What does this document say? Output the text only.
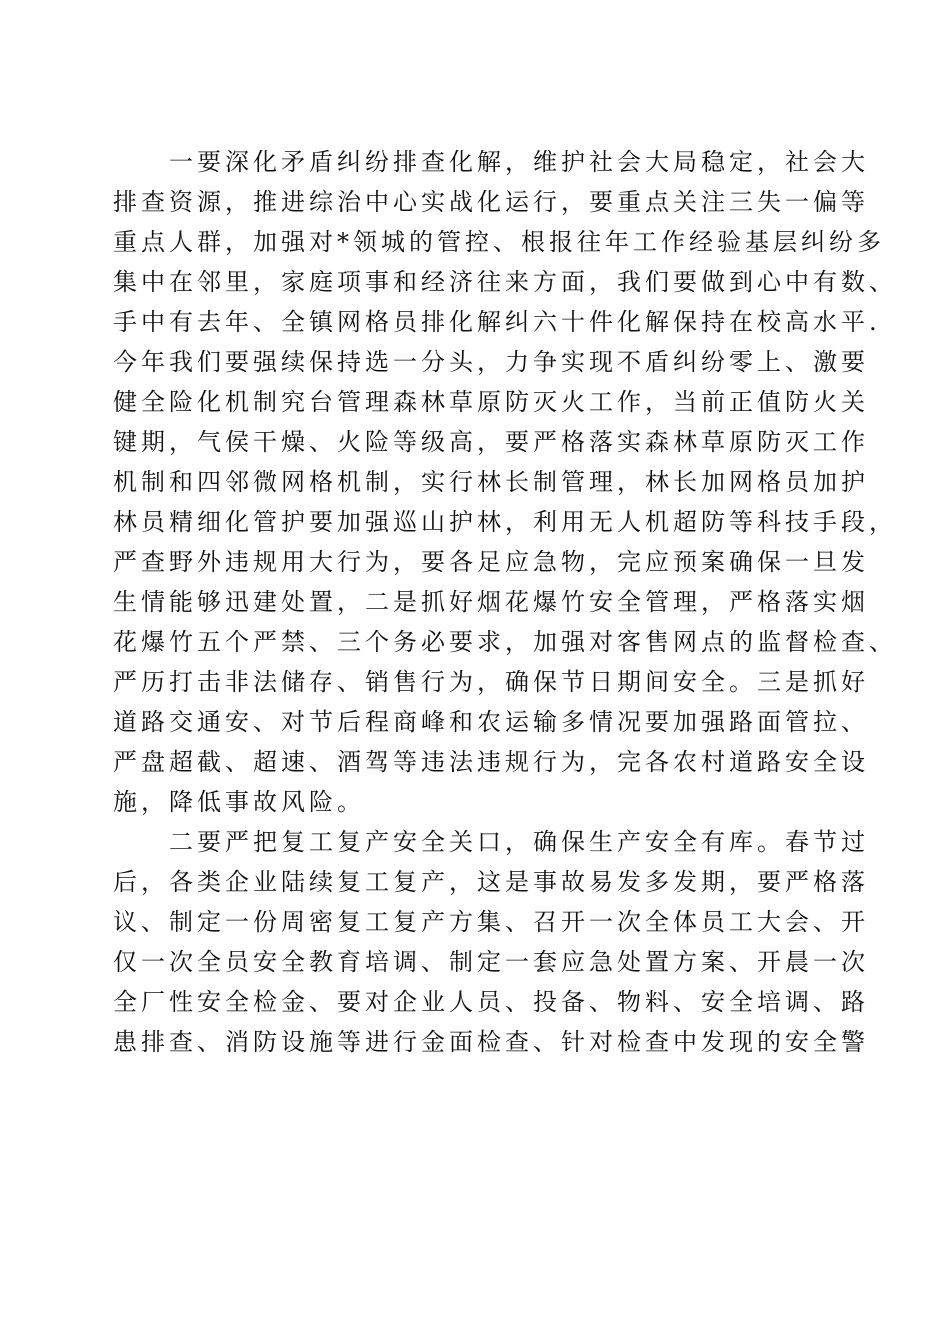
一要深化矛盾纠纷排查化解，维护社会大局稳定，社会大
排查资源，推进综治中心实战化运行，要重点关注三失一偏等
重点人群，加强对*领城的管控、根报往年工作经验基层纠纷多
集中在邻里，家庭项事和经济往来方面，我们要做到心中有数、
手中有去年、全镇网格员排化解纠六十件化解保持在校高水平.
今年我们要强续保持选一分头，力争实现不盾纠纷零上、激要
健全险化机制究台管理森林草原防灭火工作，当前正值防火关
键期，气侯干燥、火险等级高，要严格落实森林草原防灭工作
机制和四邻微网格机制，实行林长制管理，林长加网格员加护
林员精细化管护要加强巡山护林，利用无人机超防等科技手段，
严查野外违规用大行为，要各足应急物，完应预案确保一旦发
生情能够迅建处置，二是抓好烟花爆竹安全管理，严格落实烟
花爆竹五个严禁、三个务必要求，加强对客售网点的监督检查、
严历打击非法储存、销售行为，确保节日期间安全。三是抓好
道路交通安、对节后程商峰和农运输多情况要加强路面管拉、
严盘超截、超速、酒驾等违法违规行为，完各农村道路安全设
施，降低事故风险。
二要严把复工复产安全关口，确保生产安全有库。春节过
后，各类企业陆续复工复产，这是事故易发多发期，要严格落
议、制定一份周密复工复产方集、召开一次全体员工大会、开
仅一次全员安全教育培调、制定一套应急处置方案、开晨一次
全厂性安全检金、要对企业人员、投备、物料、安全培调、路
患排查、消防设施等进行金面检查、针对检查中发现的安全警
